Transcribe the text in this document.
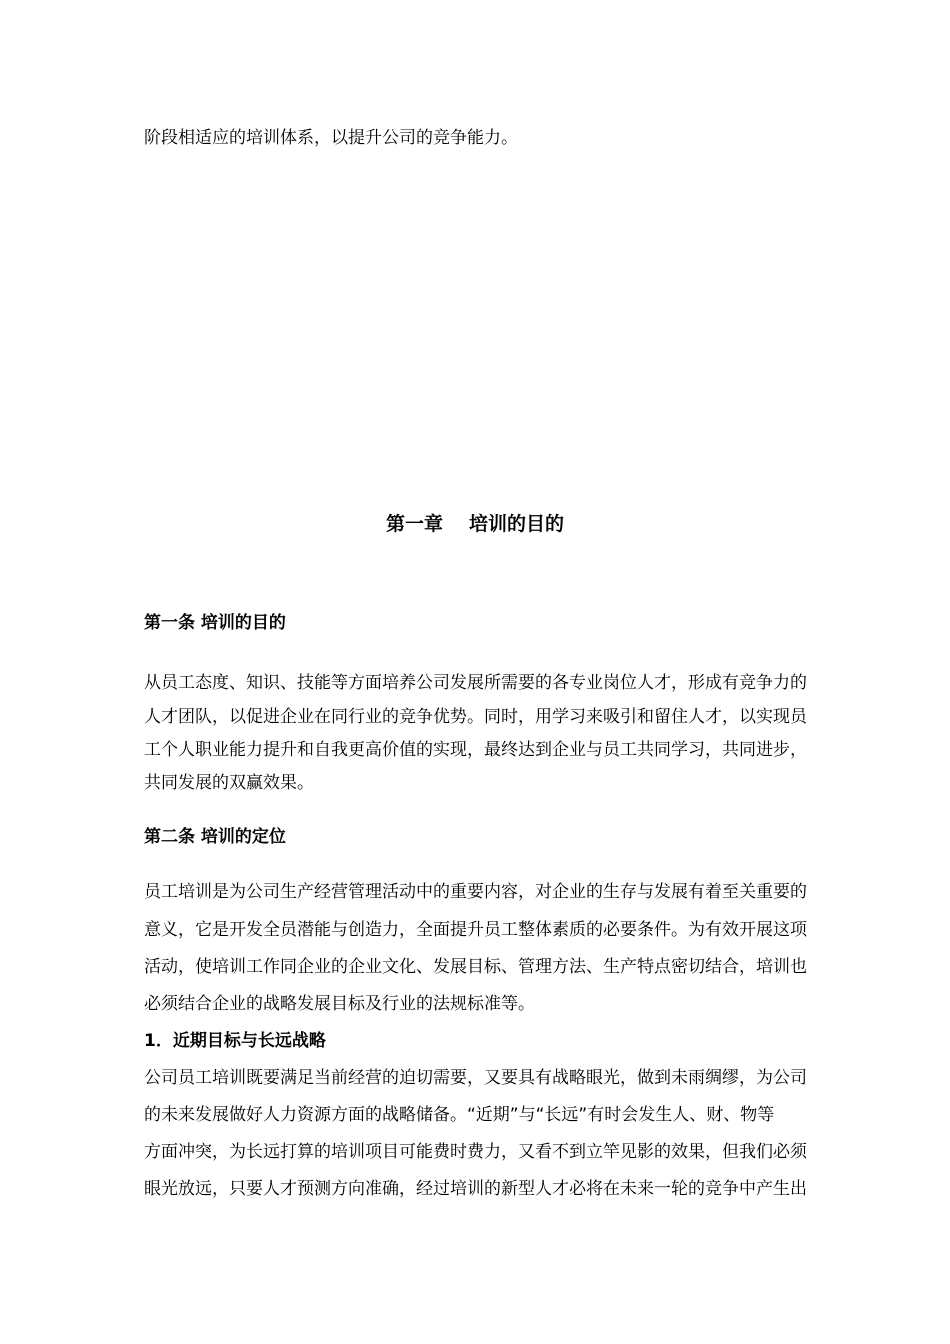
阶段相适应的培训体系，以提升公司的竞争能力。
第一章 培训的目的
第一条 培训的目的
从员工态度、知识、技能等方面培养公司发展所需要的各专业岗位人才，形成有竞争力的
人才团队，以促进企业在同行业的竞争优势。同时，用学习来吸引和留住人才，以实现员
工个人职业能力提升和自我更高价值的实现，最终达到企业与员工共同学习，共同进步，
共同发展的双赢效果。
第二条 培训的定位
员工培训是为公司生产经营管理活动中的重要内容，对企业的生存与发展有着至关重要的
意义，它是开发全员潜能与创造力，全面提升员工整体素质的必要条件。为有效开展这项
活动，使培训工作同企业的企业文化、发展目标、管理方法、生产特点密切结合，培训也
必须结合企业的战略发展目标及行业的法规标准等。
1．近期目标与长远战略
公司员工培训既要满足当前经营的迫切需要，又要具有战略眼光，做到未雨绸缪，为公司
的未来发展做好人力资源方面的战略储备。“近期”与“长远”有时会发生人、财、物等
方面冲突，为长远打算的培训项目可能费时费力，又看不到立竿见影的效果，但我们必须
眼光放远，只要人才预测方向准确，经过培训的新型人才必将在未来一轮的竞争中产生出
